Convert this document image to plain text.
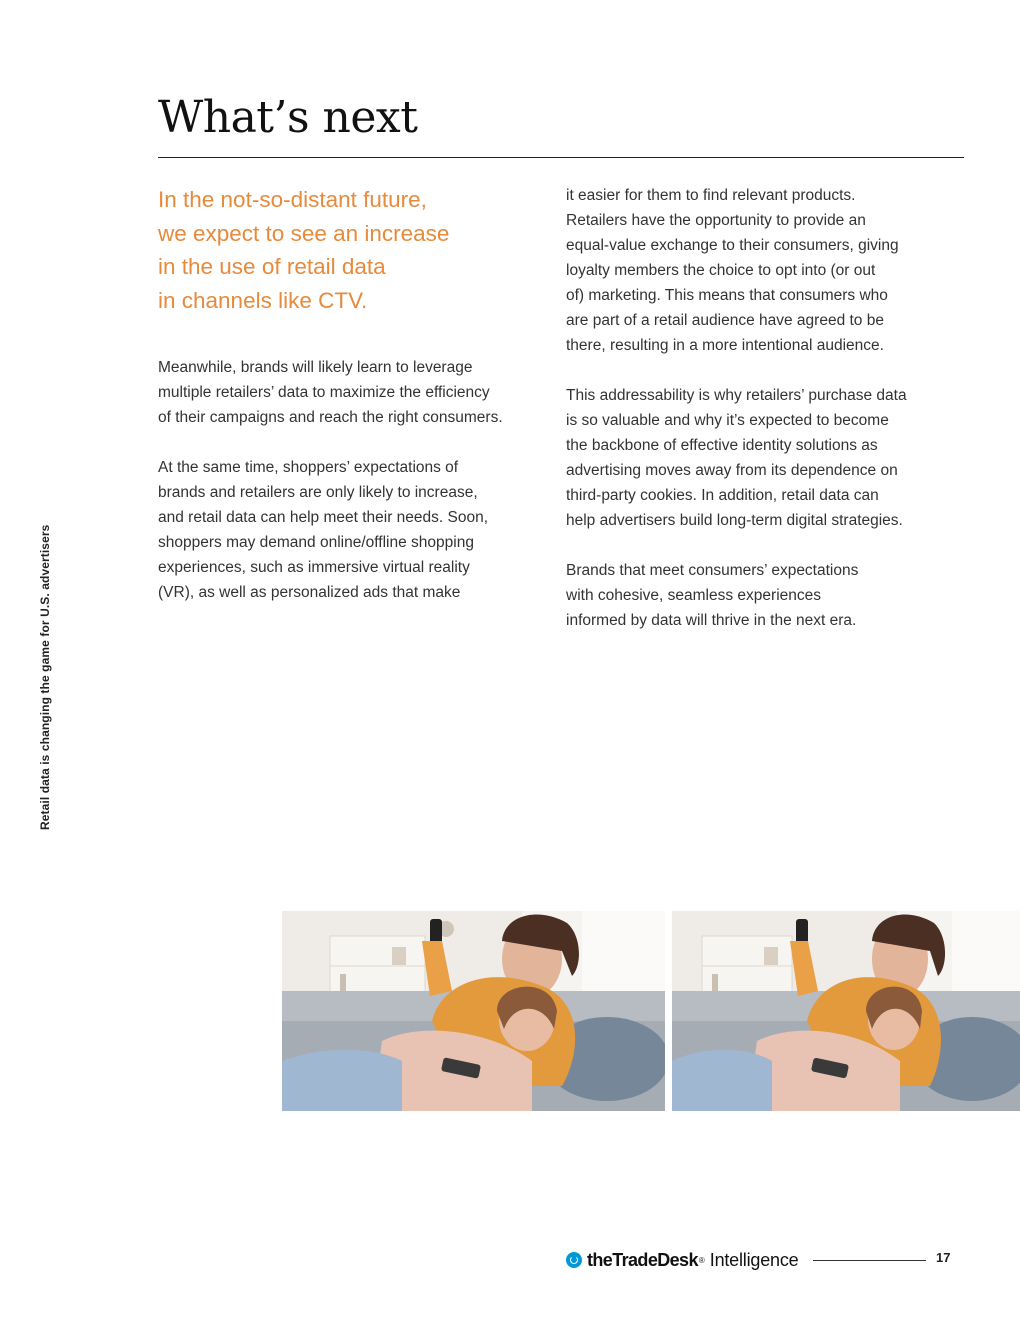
What’s next

In the not-so-distant future,
we expect to see an increase
in the use of retail data
in channels like CTV.

Meanwhile, brands will likely learn to leverage
multiple retailers’ data to maximize the efficiency
of their campaigns and reach the right consumers.

At the same time, shoppers’ expectations of
brands and retailers are only likely to increase,
and retail data can help meet their needs. Soon,
shoppers may demand online/offline shopping
experiences, such as immersive virtual reality
(VR), as well as personalized ads that make

it easier for them to find relevant products.
Retailers have the opportunity to provide an
equal-value exchange to their consumers, giving
loyalty members the choice to opt into (or out
of) marketing. This means that consumers who
are part of a retail audience have agreed to be
there, resulting in a more intentional audience.

This addressability is why retailers’ purchase data
is so valuable and why it’s expected to become
the backbone of effective identity solutions as
advertising moves away from its dependence on
third-party cookies. In addition, retail data can
help advertisers build long-term digital strategies.

Brands that meet consumers’ expectations
with cohesive, seamless experiences
informed by data will thrive in the next era.

Retail data is changing the game for U.S. advertisers
theTradeDesk ® Intelligence	17
